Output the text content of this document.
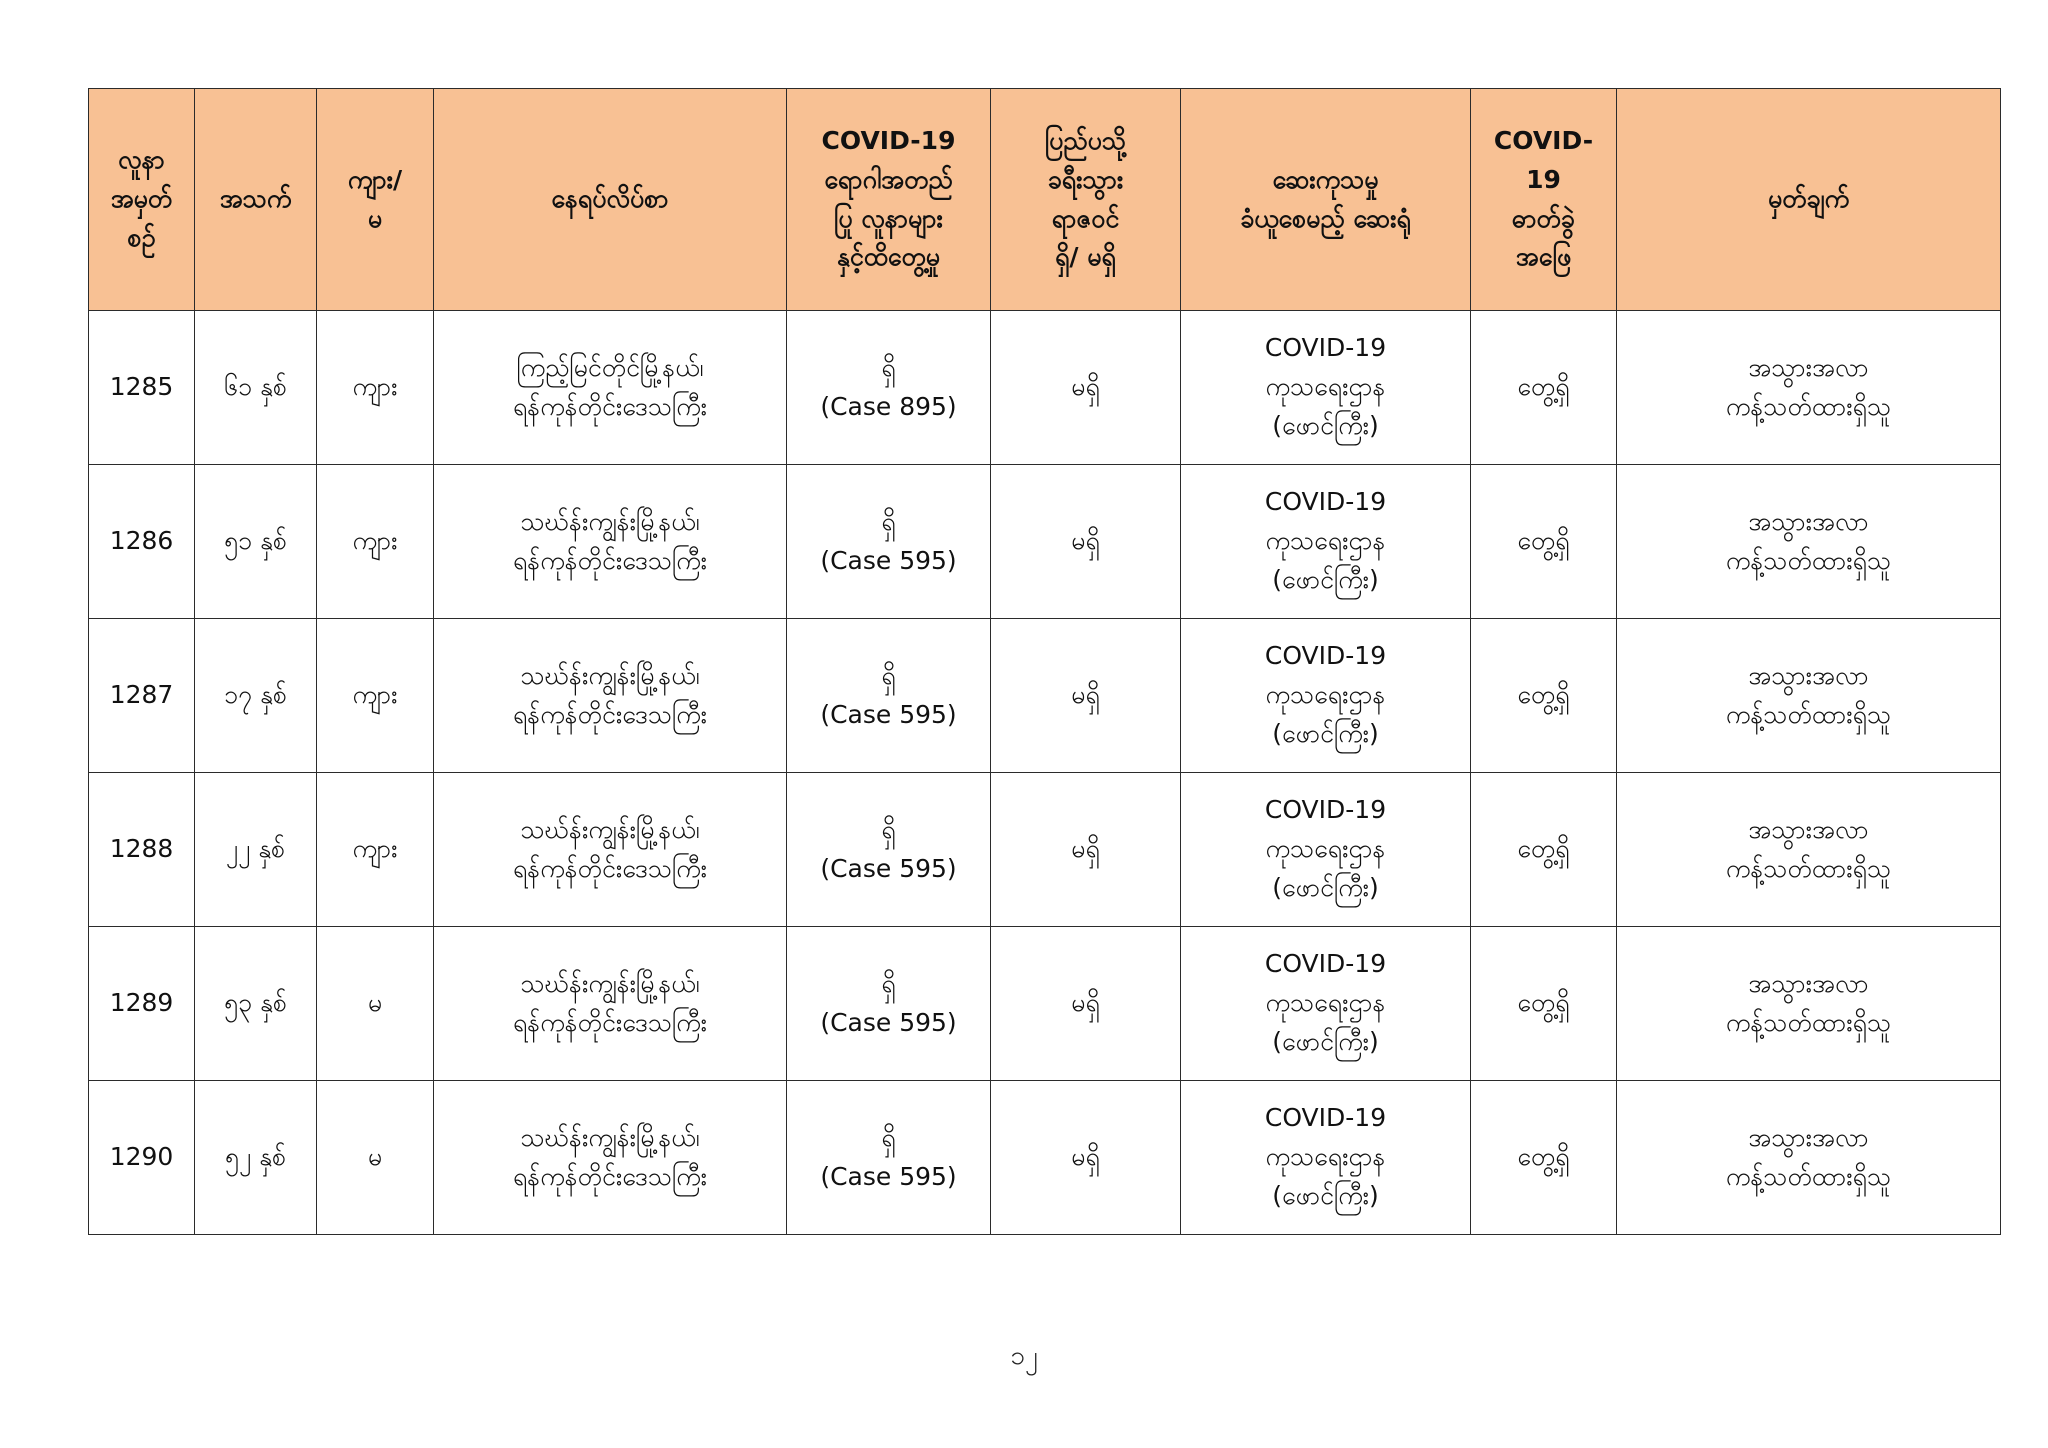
လူနာ
အမှတ်
စဉ်	အသက်	ကျား/
မ	နေရပ်လိပ်စာ	COVID-19
ရောဂါအတည်
ပြု လူနာများ
နှင့်ထိတွေ့မှု	ပြည်ပသို့
ခရီးသွား
ရာဇဝင်
ရှိ/ မရှိ	ဆေးကုသမှု
ခံယူစေမည့် ဆေးရုံ	COVID-
19
ဓာတ်ခွဲ
အဖြေ	မှတ်ချက်
1285	၆၁ နှစ်	ကျား	ကြည့်မြင်တိုင်မြို့နယ်၊
ရန်ကုန်တိုင်းဒေသကြီး	ရှိ
(Case 895)	မရှိ	COVID-19
ကုသရေးဌာန
(ဖောင်ကြီး)	တွေ့ရှိ	အသွားအလာ
ကန့်သတ်ထားရှိသူ
1286	၅၁ နှစ်	ကျား	သဃ်န်းကျွန်းမြို့နယ်၊
ရန်ကုန်တိုင်းဒေသကြီး	ရှိ
(Case 595)	မရှိ	COVID-19
ကုသရေးဌာန
(ဖောင်ကြီး)	တွေ့ရှိ	အသွားအလာ
ကန့်သတ်ထားရှိသူ
1287	၁၇ နှစ်	ကျား	သဃ်န်းကျွန်းမြို့နယ်၊
ရန်ကုန်တိုင်းဒေသကြီး	ရှိ
(Case 595)	မရှိ	COVID-19
ကုသရေးဌာန
(ဖောင်ကြီး)	တွေ့ရှိ	အသွားအလာ
ကန့်သတ်ထားရှိသူ
1288	၂၂ နှစ်	ကျား	သဃ်န်းကျွန်းမြို့နယ်၊
ရန်ကုန်တိုင်းဒေသကြီး	ရှိ
(Case 595)	မရှိ	COVID-19
ကုသရေးဌာန
(ဖောင်ကြီး)	တွေ့ရှိ	အသွားအလာ
ကန့်သတ်ထားရှိသူ
1289	၅၃ နှစ်	မ	သဃ်န်းကျွန်းမြို့နယ်၊
ရန်ကုန်တိုင်းဒေသကြီး	ရှိ
(Case 595)	မရှိ	COVID-19
ကုသရေးဌာန
(ဖောင်ကြီး)	တွေ့ရှိ	အသွားအလာ
ကန့်သတ်ထားရှိသူ
1290	၅၂ နှစ်	မ	သဃ်န်းကျွန်းမြို့နယ်၊
ရန်ကုန်တိုင်းဒေသကြီး	ရှိ
(Case 595)	မရှိ	COVID-19
ကုသရေးဌာန
(ဖောင်ကြီး)	တွေ့ရှိ	အသွားအလာ
ကန့်သတ်ထားရှိသူ
၁၂
